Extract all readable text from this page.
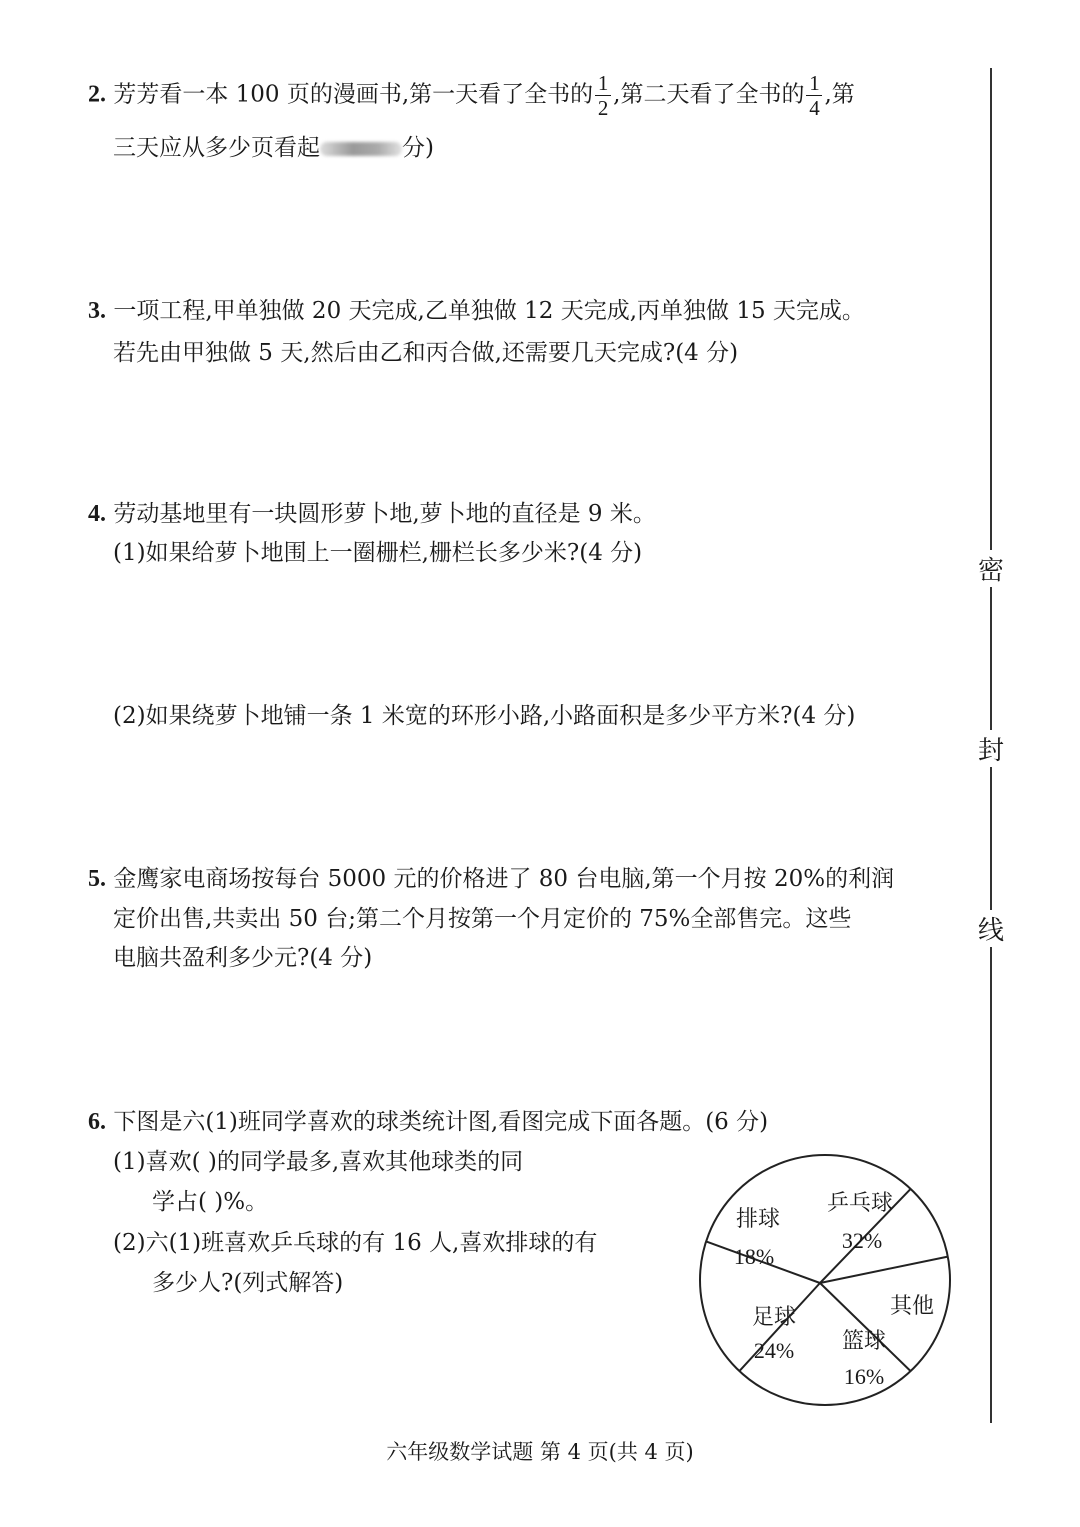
2. 芳芳看一本 100 页的漫画书,第一天看了全书的 $\frac{1}{2}$ ,第二天看了全书的 $\frac{1}{4}$ ,第
三天应从多少页看起	分)
3. 一项工程,甲单独做 20 天完成,乙单独做 12 天完成,丙单独做 15 天完成。
若先由甲独做 5 天,然后由乙和丙合做,还需要几天完成?(4 分)
4. 劳动基地里有一块圆形萝卜地,萝卜地的直径是 9 米。
(1)如果给萝卜地围上一圈栅栏,栅栏长多少米?(4 分)
(2)如果绕萝卜地铺一条 1 米宽的环形小路,小路面积是多少平方米?(4 分)
5. 金鹰家电商场按每台 5000 元的价格进了 80 台电脑,第一个月按 20%的利润
定价出售,共卖出 50 台;第二个月按第一个月定价的 75%全部售完。这些
电脑共盈利多少元?(4 分)
6. 下图是六(1)班同学喜欢的球类统计图,看图完成下面各题。(6 分)
(1)喜欢( )的同学最多,喜欢其他球类的同
学占( )%。
(2)六(1)班喜欢乒乓球的有 16 人,喜欢排球的有
多少人?(列式解答)
排球
18%
乒乓球
32%
其他
足球
24% 篮球
16%
密
封
线
六年级数学试题 第 4 页(共 4 页)
